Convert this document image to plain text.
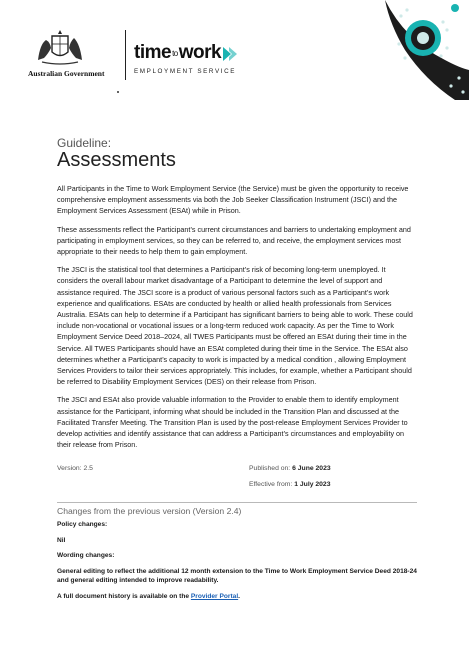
Australian Government
timetowork
EMPLOYMENT SERVICE
Guideline:
Assessments

All Participants in the Time to Work Employment Service (the Service) must be given the opportunity to receive comprehensive employment assessments via both the Job Seeker Classification Instrument (JSCI) and the Employment Services Assessment (ESAt) while in Prison.

These assessments reflect the Participant’s current circumstances and barriers to undertaking employment and participating in employment services, so they can be referred to, and receive, the employment services most appropriate to their needs to help them to gain employment.

The JSCI is the statistical tool that determines a Participant’s risk of becoming long-term unemployed. It considers the overall labour market disadvantage of a Participant to determine the level of support and assistance required. The JSCI score is a product of various personal factors such as a Participant’s work experience and qualifications. ESAts are conducted by health or allied health professionals from Services Australia. ESAts can help to determine if a Participant has significant barriers to being able to work. These could include non-vocational or vocational issues or a long-term reduced work capacity. As per the Time to Work Employment Service Deed 2018–2024, all TWES Participants must be offered an ESAt during their time in the Service. All TWES Participants should have an ESAt completed during their time in the Service. The ESAt also determines whether a Participant’s capacity to work is impacted by a medical condition , allowing Employment Services Providers to tailor their services appropriately. This includes, for example, whether a Participant should be referred to Disability Employment Services (DES) on their release from Prison.

The JSCI and ESAt also provide valuable information to the Provider to enable them to identify employment assistance for the Participant, informing what should be included in the Transition Plan and discussed at the Facilitated Transfer Meeting. The Transition Plan is used by the post-release Employment Services Provider to develop activities and identify assistance that can address a Participant’s circumstances and employability on their release from Prison.

Version: 2.5	Published on: 6 June 2023
Effective from: 1 July 2023
Changes from the previous version (Version 2.4)

Policy changes:

Nil

Wording changes:

General editing to reflect the additional 12 month extension to the Time to Work Employment Service Deed 2018-24 and general editing intended to improve readability.

A full document history is available on the Provider Portal.
